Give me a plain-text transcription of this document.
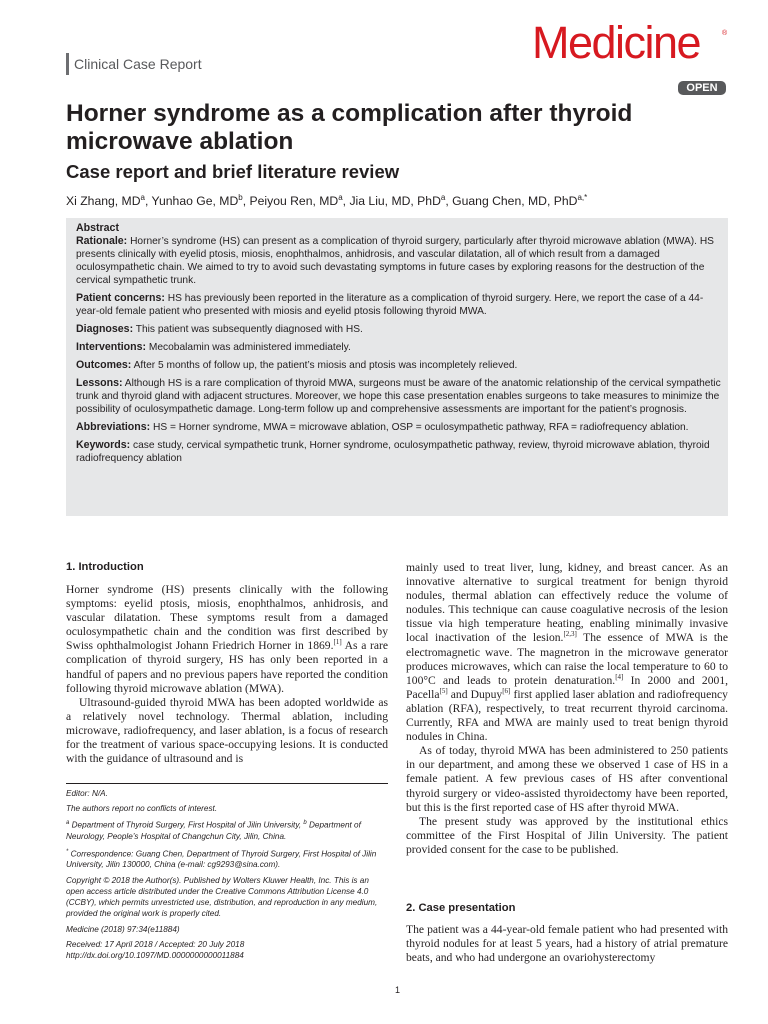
Clinical Case Report	Medicine	®
OPEN
Horner syndrome as a complication after thyroid microwave ablation
Case report and brief literature review
Xi Zhang, $MD^a$, Yunhao Ge, $MD^b$, Peiyou Ren, $MD^a$, Jia Liu, MD, PhD$^a$, Guang Chen, MD, PhD$^{a,*}$
Abstract

Rationale: Horner’s syndrome (HS) can present as a complication of thyroid surgery, particularly after thyroid microwave ablation (MWA). HS presents clinically with eyelid ptosis, miosis, enophthalmos, anhidrosis, and vascular dilatation, all of which result from a damaged oculosympathetic chain. We aimed to try to avoid such devastating symptoms in future cases by exploring reasons for the destruction of the cervical sympathetic trunk.

Patient concerns: HS has previously been reported in the literature as a complication of thyroid surgery. Here, we report the case of a 44-year-old female patient who presented with miosis and eyelid ptosis following thyroid MWA.

Diagnoses: This patient was subsequently diagnosed with HS.

Interventions: Mecobalamin was administered immediately.

Outcomes: After 5 months of follow up, the patient’s miosis and ptosis was incompletely relieved.

Lessons: Although HS is a rare complication of thyroid MWA, surgeons must be aware of the anatomic relationship of the cervical sympathetic trunk and thyroid gland with adjacent structures. Moreover, we hope this case presentation enables surgeons to take measures to minimize the possibility of oculosympathetic damage. Long-term follow up and comprehensive assessments are important for the patient’s prognosis.

Abbreviations: HS = Horner syndrome, MWA = microwave ablation, OSP = oculosympathetic pathway, RFA = radiofrequency ablation.

Keywords: case study, cervical sympathetic trunk, Horner syndrome, oculosympathetic pathway, review, thyroid microwave ablation, thyroid radiofrequency ablation

1. Introduction

Horner syndrome (HS) presents clinically with the following symptoms: eyelid ptosis, miosis, enophthalmos, anhidrosis, and vascular dilatation. These symptoms result from a damaged oculosympathetic chain and the condition was first described by Swiss ophthalmologist Johann Friedrich Horner in 1869.[1] As a rare complication of thyroid surgery, HS has only been reported in a handful of papers and no previous papers have reported the condition following thyroid microwave ablation (MWA).

Ultrasound-guided thyroid MWA has been adopted worldwide as a relatively novel technology. Thermal ablation, including microwave, radiofrequency, and laser ablation, is a focus of research for the treatment of various space-occupying lesions. It is conducted with the guidance of ultrasound and is

Editor: N/A.

The authors report no conflicts of interest.

$^a$ Department of Thyroid Surgery, First Hospital of Jilin University, $^b$ Department of Neurology, People’s Hospital of Changchun City, Jilin, China.

* Correspondence: Guang Chen, Department of Thyroid Surgery, First Hospital of Jilin University, Jilin 130000, China (e-mail: cg9293@sina.com).

Copyright © 2018 the Author(s). Published by Wolters Kluwer Health, Inc. This is an open access article distributed under the Creative Commons Attribution License 4.0 (CCBY), which permits unrestricted use, distribution, and reproduction in any medium, provided the original work is properly cited.

Medicine (2018) 97:34(e11884)

Received: 17 April 2018 / Accepted: 20 July 2018

http://dx.doi.org/10.1097/MD.0000000000011884

mainly used to treat liver, lung, kidney, and breast cancer. As an innovative alternative to surgical treatment for benign thyroid nodules, thermal ablation can effectively reduce the volume of nodules. This technique can cause coagulative necrosis of the lesion tissue via high temperature heating, enabling minimally invasive local inactivation of the lesion.[2,3] The essence of MWA is the electromagnetic wave. The magnetron in the microwave generator produces microwaves, which can raise the local temperature to 60 to 100°C and leads to protein denaturation.[4] In 2000 and 2001, Pacella[5] and Dupuy[6] first applied laser ablation and radiofrequency ablation (RFA), respectively, to treat recurrent thyroid carcinoma. Currently, RFA and MWA are mainly used to treat benign thyroid nodules in China.

As of today, thyroid MWA has been administered to 250 patients in our department, and among these we observed 1 case of HS in a female patient. A few previous cases of HS after conventional thyroid surgery or video-assisted thyroidectomy have been reported, but this is the first reported case of HS after thyroid MWA.

The present study was approved by the institutional ethics committee of the First Hospital of Jilin University. The patient provided consent for the case to be published.

2. Case presentation

The patient was a 44-year-old female patient who had presented with thyroid nodules for at least 5 years, had a history of atrial premature beats, and who had undergone an ovariohysterectomy

1
